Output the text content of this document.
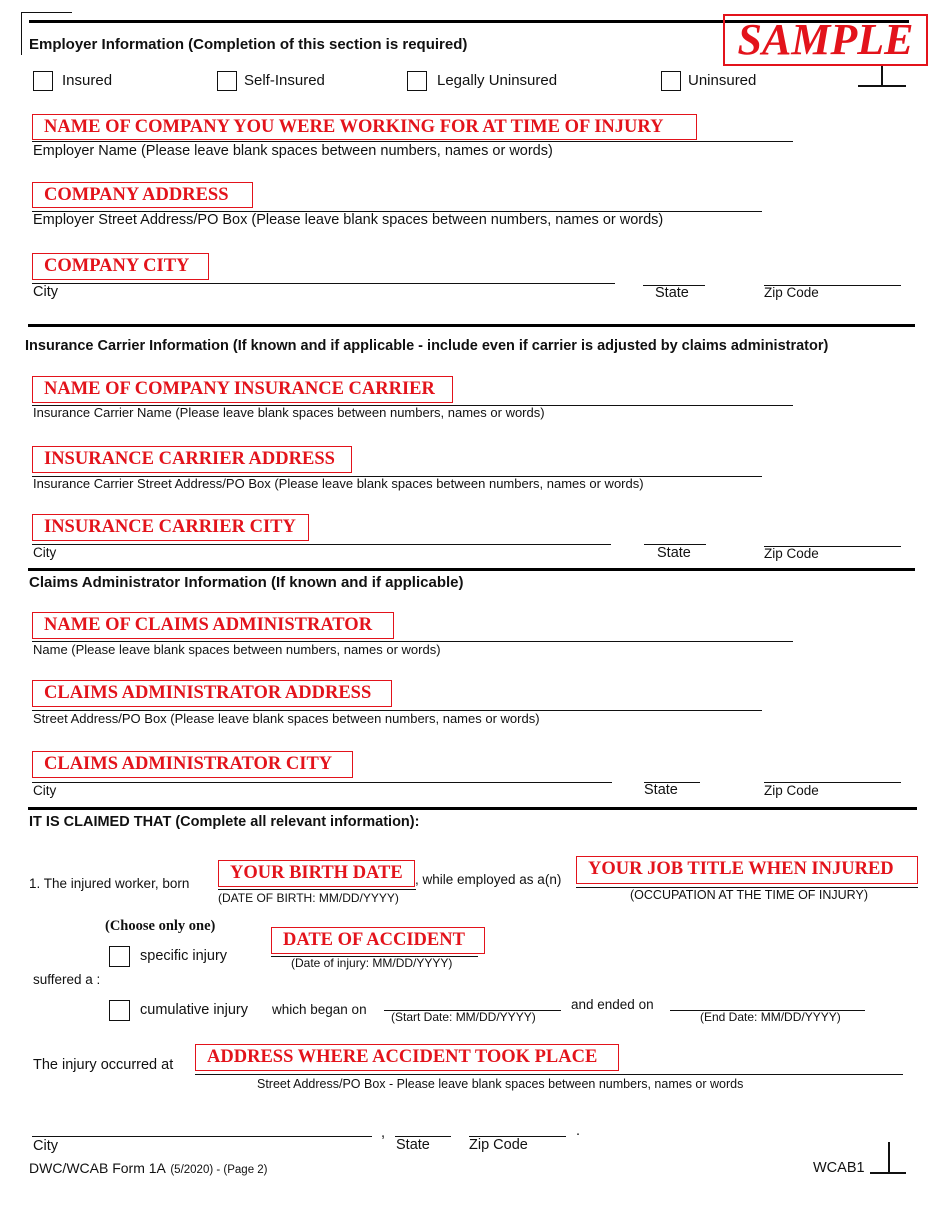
SAMPLE
Employer Information (Completion of this section is required)
Insured	Self-Insured	Legally Uninsured	Uninsured
NAME OF COMPANY YOU WERE WORKING FOR AT TIME OF INJURY
Employer Name (Please leave blank spaces between numbers, names or words)
COMPANY ADDRESS
Employer Street Address/PO Box (Please leave blank spaces between numbers, names or words)
COMPANY CITY
City	State	Zip Code
Insurance Carrier Information (If known and if applicable - include even if carrier is adjusted by claims administrator)
NAME OF COMPANY INSURANCE CARRIER
Insurance Carrier Name (Please leave blank spaces between numbers, names or words)
INSURANCE CARRIER ADDRESS
Insurance Carrier Street Address/PO Box (Please leave blank spaces between numbers, names or words)
INSURANCE CARRIER CITY
City	State	Zip Code
Claims Administrator Information (If known and if applicable)
NAME OF CLAIMS ADMINISTRATOR
Name (Please leave blank spaces between numbers, names or words)
CLAIMS ADMINISTRATOR ADDRESS
Street Address/PO Box (Please leave blank spaces between numbers, names or words)
CLAIMS ADMINISTRATOR CITY
City	State	Zip Code
IT IS CLAIMED THAT (Complete all relevant information):
1. The injured worker, born
YOUR BIRTH DATE
(DATE OF BIRTH: MM/DD/YYYY)
, while employed as a(n)
YOUR JOB TITLE WHEN INJURED
(OCCUPATION AT THE TIME OF INJURY)
(Choose only one)
specific injury
DATE OF ACCIDENT
(Date of injury: MM/DD/YYYY)
suffered a :
cumulative injury which began on (Start Date: MM/DD/YYYY)
and ended on
(End Date: MM/DD/YYYY)
The injury occurred at	ADDRESS WHERE ACCIDENT TOOK PLACE
Street Address/PO Box - Please leave blank spaces between numbers, names or words
City
,
State	Zip Code
.
DWC/WCAB Form 1A (5/2020) - (Page 2)	WCAB1
